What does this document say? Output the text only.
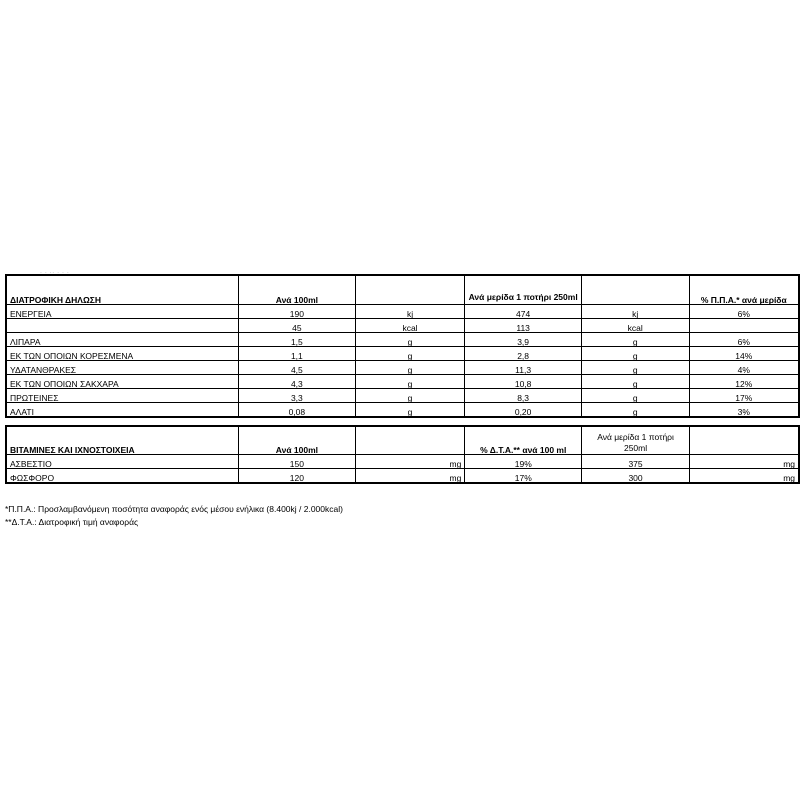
. . .. . . .
ΔΙΑΤΡΟΦΙΚΗ ΔΗΛΩΣΗ	Ανά 100ml		Ανά μερίδα 1 ποτήρι 250ml		% Π.Π.Α.* ανά μερίδα
ΕΝΕΡΓΕΙΑ	190	kj	474	kj	6%
	45	kcal	113	kcal	
ΛΙΠΑΡΑ	1,5	g	3,9	g	6%
ΕΚ ΤΩΝ ΟΠΟΙΩΝ ΚΟΡΕΣΜΕΝΑ	1,1	g	2,8	g	14%
ΥΔΑΤΑΝΘΡΑΚΕΣ	4,5	g	11,3	g	4%
ΕΚ ΤΩΝ ΟΠΟΙΩΝ ΣΑΚΧΑΡΑ	4,3	g	10,8	g	12%
ΠΡΩΤΕΙΝΕΣ	3,3	g	8,3	g	17%
ΑΛΑΤΙ	0,08	g	0,20	g	3%
ΒΙΤΑΜΙΝΕΣ ΚΑΙ ΙΧΝΟΣΤΟΙΧΕΙΑ	Ανά 100ml		% Δ.Τ.Α.** ανά 100 ml	Ανά μερίδα 1 ποτήρι 250ml	
ΑΣΒΕΣΤΙΟ	150	mg	19%	375	mg
ΦΩΣΦΟΡΟ	120	mg	17%	300	mg
*Π.Π.Α.: Προσλαμβανόμενη ποσότητα αναφοράς ενός μέσου ενήλικα (8.400kj / 2.000kcal)
**Δ.Τ.Α.: Διατροφική τιμή αναφοράς
